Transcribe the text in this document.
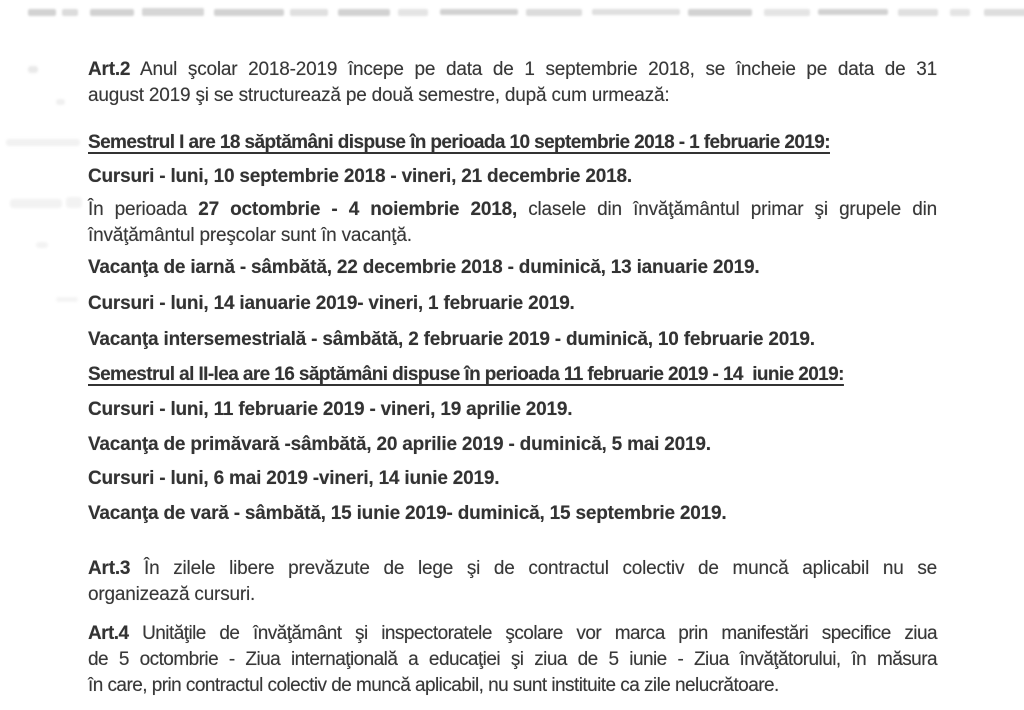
Art.2 Anul şcolar 2018-2019 începe pe data de 1 septembrie 2018, se încheie pe data de 31
august 2019 şi se structurează pe două semestre, după cum urmează:
Semestrul I are 18 săptămâni dispuse în perioada 10 septembrie 2018 - 1 februarie 2019:
Cursuri - luni, 10 septembrie 2018 - vineri, 21 decembrie 2018.
În perioada 27 octombrie - 4 noiembrie 2018, clasele din învăţământul primar şi grupele din
învăţământul preşcolar sunt în vacanţă.
Vacanţa de iarnă - sâmbătă, 22 decembrie 2018 - duminică, 13 ianuarie 2019.
Cursuri - luni, 14 ianuarie 2019- vineri, 1 februarie 2019.
Vacanţa intersemestrială - sâmbătă, 2 februarie 2019 - duminică, 10 februarie 2019.
Semestrul al II-lea are 16 săptămâni dispuse în perioada 11 februarie 2019 - 14  iunie 2019:
Cursuri - luni, 11 februarie 2019 - vineri, 19 aprilie 2019.
Vacanţa de primăvară -sâmbătă, 20 aprilie 2019 - duminică, 5 mai 2019.
Cursuri - luni, 6 mai 2019 -vineri, 14 iunie 2019.
Vacanţa de vară - sâmbătă, 15 iunie 2019- duminică, 15 septembrie 2019.
Art.3 În zilele libere prevăzute de lege şi de contractul colectiv de muncă aplicabil nu se
organizează cursuri.
Art.4 Unităţile de învăţământ şi inspectoratele şcolare vor marca prin manifestări specifice ziua
de 5 octombrie - Ziua internaţională a educaţiei şi ziua de 5 iunie - Ziua învăţătorului, în măsura
în care, prin contractul colectiv de muncă aplicabil, nu sunt instituite ca zile nelucrătoare.
